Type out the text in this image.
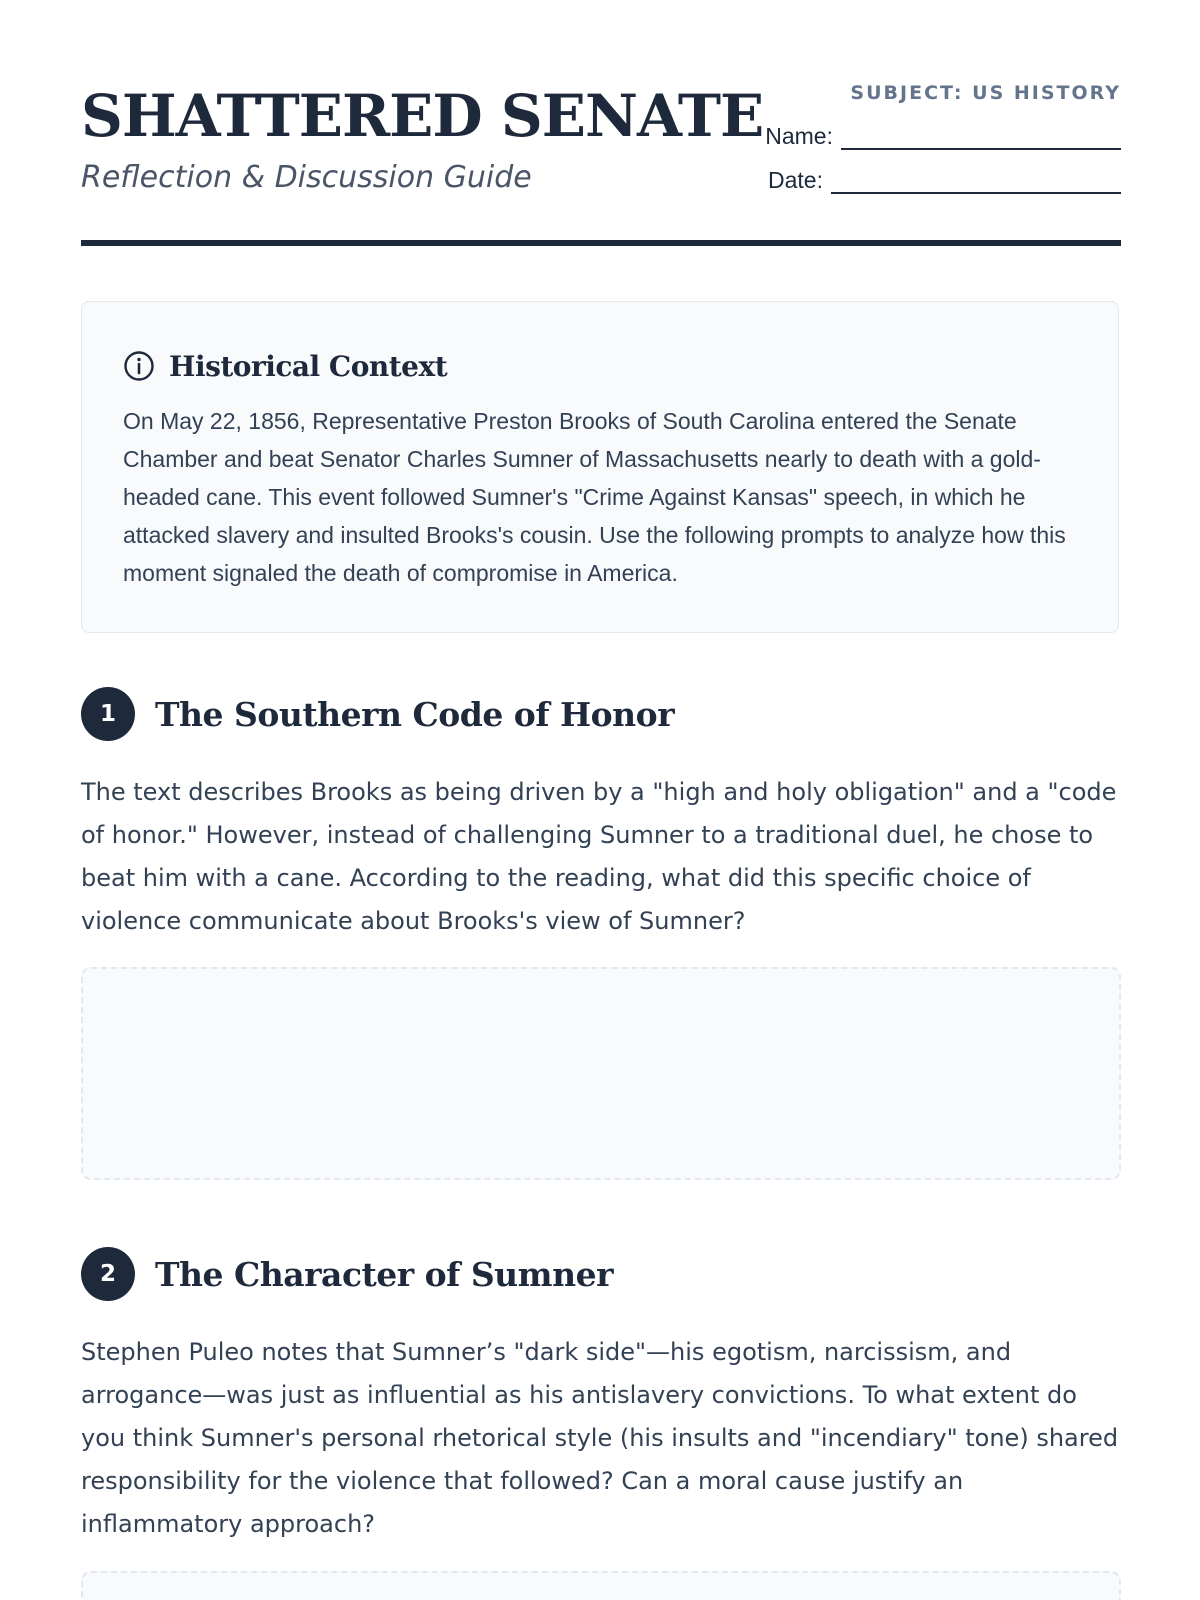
SHATTERED SENATE

Reflection & Discussion Guide

SUBJECT: US HISTORY
Name:
Date:
Historical Context
On May 22, 1856, Representative Preston Brooks of South Carolina entered the Senate Chamber and beat Senator Charles Sumner of Massachusetts nearly to death with a gold-headed cane. This event followed Sumner's "Crime Against Kansas" speech, in which he attacked slavery and insulted Brooks's cousin. Use the following prompts to analyze how this moment signaled the death of compromise in America.
1	The Southern Code of Honor
The text describes Brooks as being driven by a "high and holy obligation" and a "code of honor." However, instead of challenging Sumner to a traditional duel, he chose to beat him with a cane. According to the reading, what did this specific choice of violence communicate about Brooks's view of Sumner?
2	The Character of Sumner
Stephen Puleo notes that Sumner’s "dark side"—his egotism, narcissism, and arrogance—was just as influential as his antislavery convictions. To what extent do you think Sumner's personal rhetorical style (his insults and "incendiary" tone) shared responsibility for the violence that followed? Can a moral cause justify an inflammatory approach?
